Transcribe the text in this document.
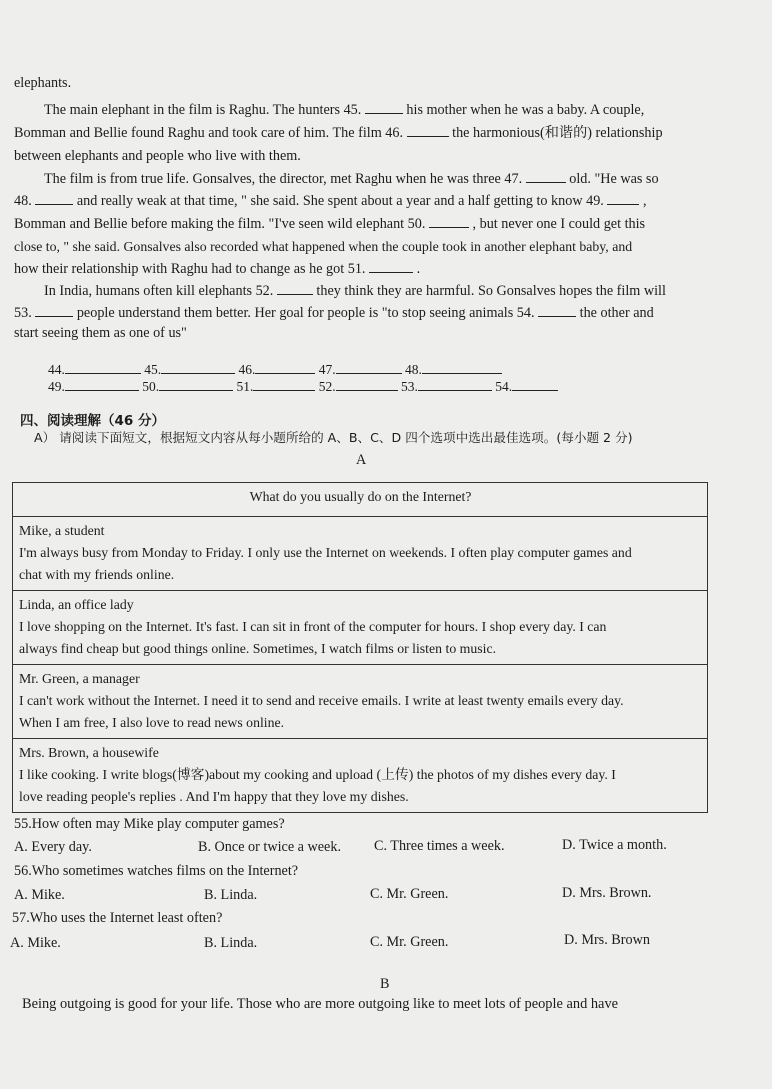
elephants.
The main elephant in the film is Raghu. The hunters 45.	his mother when he was a baby. A couple,
Bomman and Bellie found Raghu and took care of him. The film 46.	the harmonious(和谐的) relationship
between elephants and people who live with them.
The film is from true life. Gonsalves, the director, met Raghu when he was three 47.	old. "He was so
48.	and really weak at that time, " she said. She spent about a year and a half getting to know 49.	,
Bomman and Bellie before making the film. "I've seen wild elephant 50.	, but never one I could get this
close to, " she said. Gonsalves also recorded what happened when the couple took in another elephant baby, and
how their relationship with Raghu had to change as he got 51.	.
In India, humans often kill elephants 52.	they think they are harmful. So Gonsalves hopes the film will
53.	people understand them better. Her goal for people is "to stop seeing animals 54.	the other and
start seeing them as one of us"
44.	45.	46.	47.	48.
49.	50.	51.	52.	53.	54.
四、阅读理解（46 分）
A） 请阅读下面短文，根据短文内容从每小题所给的 A、B、C、D 四个选项中选出最佳选项。(每小题 2 分)
A
What do you usually do on the Internet?

Mike, a student
I'm always busy from Monday to Friday. I only use the Internet on weekends. I often play computer games and
chat with my friends online.

Linda, an office lady
I love shopping on the Internet. It's fast. I can sit in front of the computer for hours. I shop every day. I can
always find cheap but good things online. Sometimes, I watch films or listen to music.

Mr. Green, a manager
I can't work without the Internet. I need it to send and receive emails. I write at least twenty emails every day.
When I am free, I also love to read news online.

Mrs. Brown, a housewife
I like cooking. I write blogs(博客)about my cooking and upload (上传) the photos of my dishes every day. I
love reading people's replies . And I'm happy that they love my dishes.
55.How often may Mike play computer games?
A. Every day.	B. Once or twice a week. C. Three times a week.	D. Twice a month.
56.Who sometimes watches films on the Internet?
A. Mike.	B. Linda.	C. Mr. Green.	D. Mrs. Brown.
57.Who uses the Internet least often?
A. Mike.	B. Linda.	C. Mr. Green.	D. Mrs. Brown
B
Being outgoing is good for your life. Those who are more outgoing like to meet lots of people and have
